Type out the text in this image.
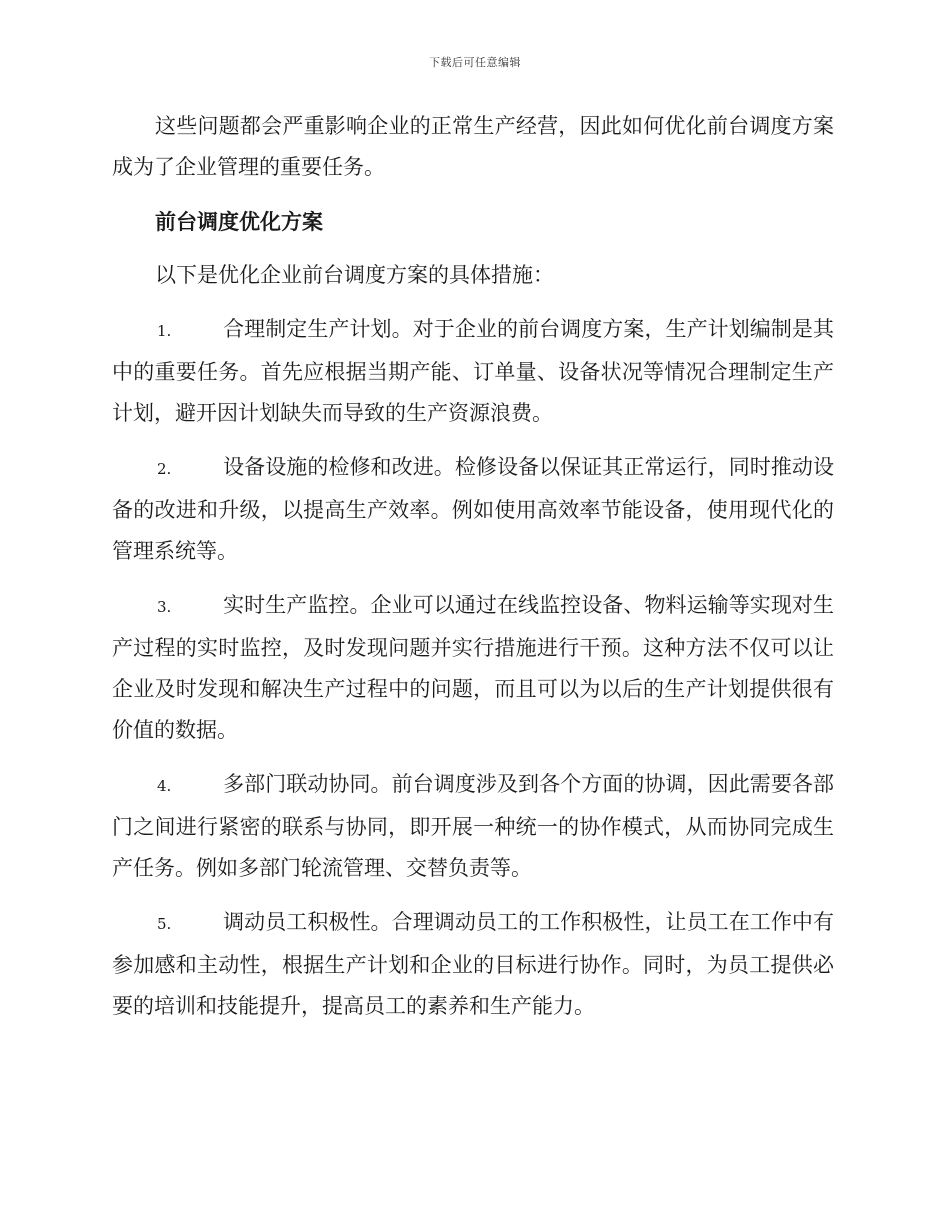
下载后可任意编辑

这些问题都会严重影响企业的正常生产经营，因此如何优化前台调度方案成为了企业管理的重要任务。

前台调度优化方案

以下是优化企业前台调度方案的具体措施：

1. 合理制定生产计划。对于企业的前台调度方案，生产计划编制是其中的重要任务。首先应根据当期产能、订单量、设备状况等情况合理制定生产计划，避开因计划缺失而导致的生产资源浪费。

2. 设备设施的检修和改进。检修设备以保证其正常运行，同时推动设备的改进和升级，以提高生产效率。例如使用高效率节能设备，使用现代化的管理系统等。

3. 实时生产监控。企业可以通过在线监控设备、物料运输等实现对生产过程的实时监控，及时发现问题并实行措施进行干预。这种方法不仅可以让企业及时发现和解决生产过程中的问题，而且可以为以后的生产计划提供很有价值的数据。

4. 多部门联动协同。前台调度涉及到各个方面的协调，因此需要各部门之间进行紧密的联系与协同，即开展一种统一的协作模式，从而协同完成生产任务。例如多部门轮流管理、交替负责等。

5. 调动员工积极性。合理调动员工的工作积极性，让员工在工作中有参加感和主动性，根据生产计划和企业的目标进行协作。同时，为员工提供必要的培训和技能提升，提高员工的素养和生产能力。
